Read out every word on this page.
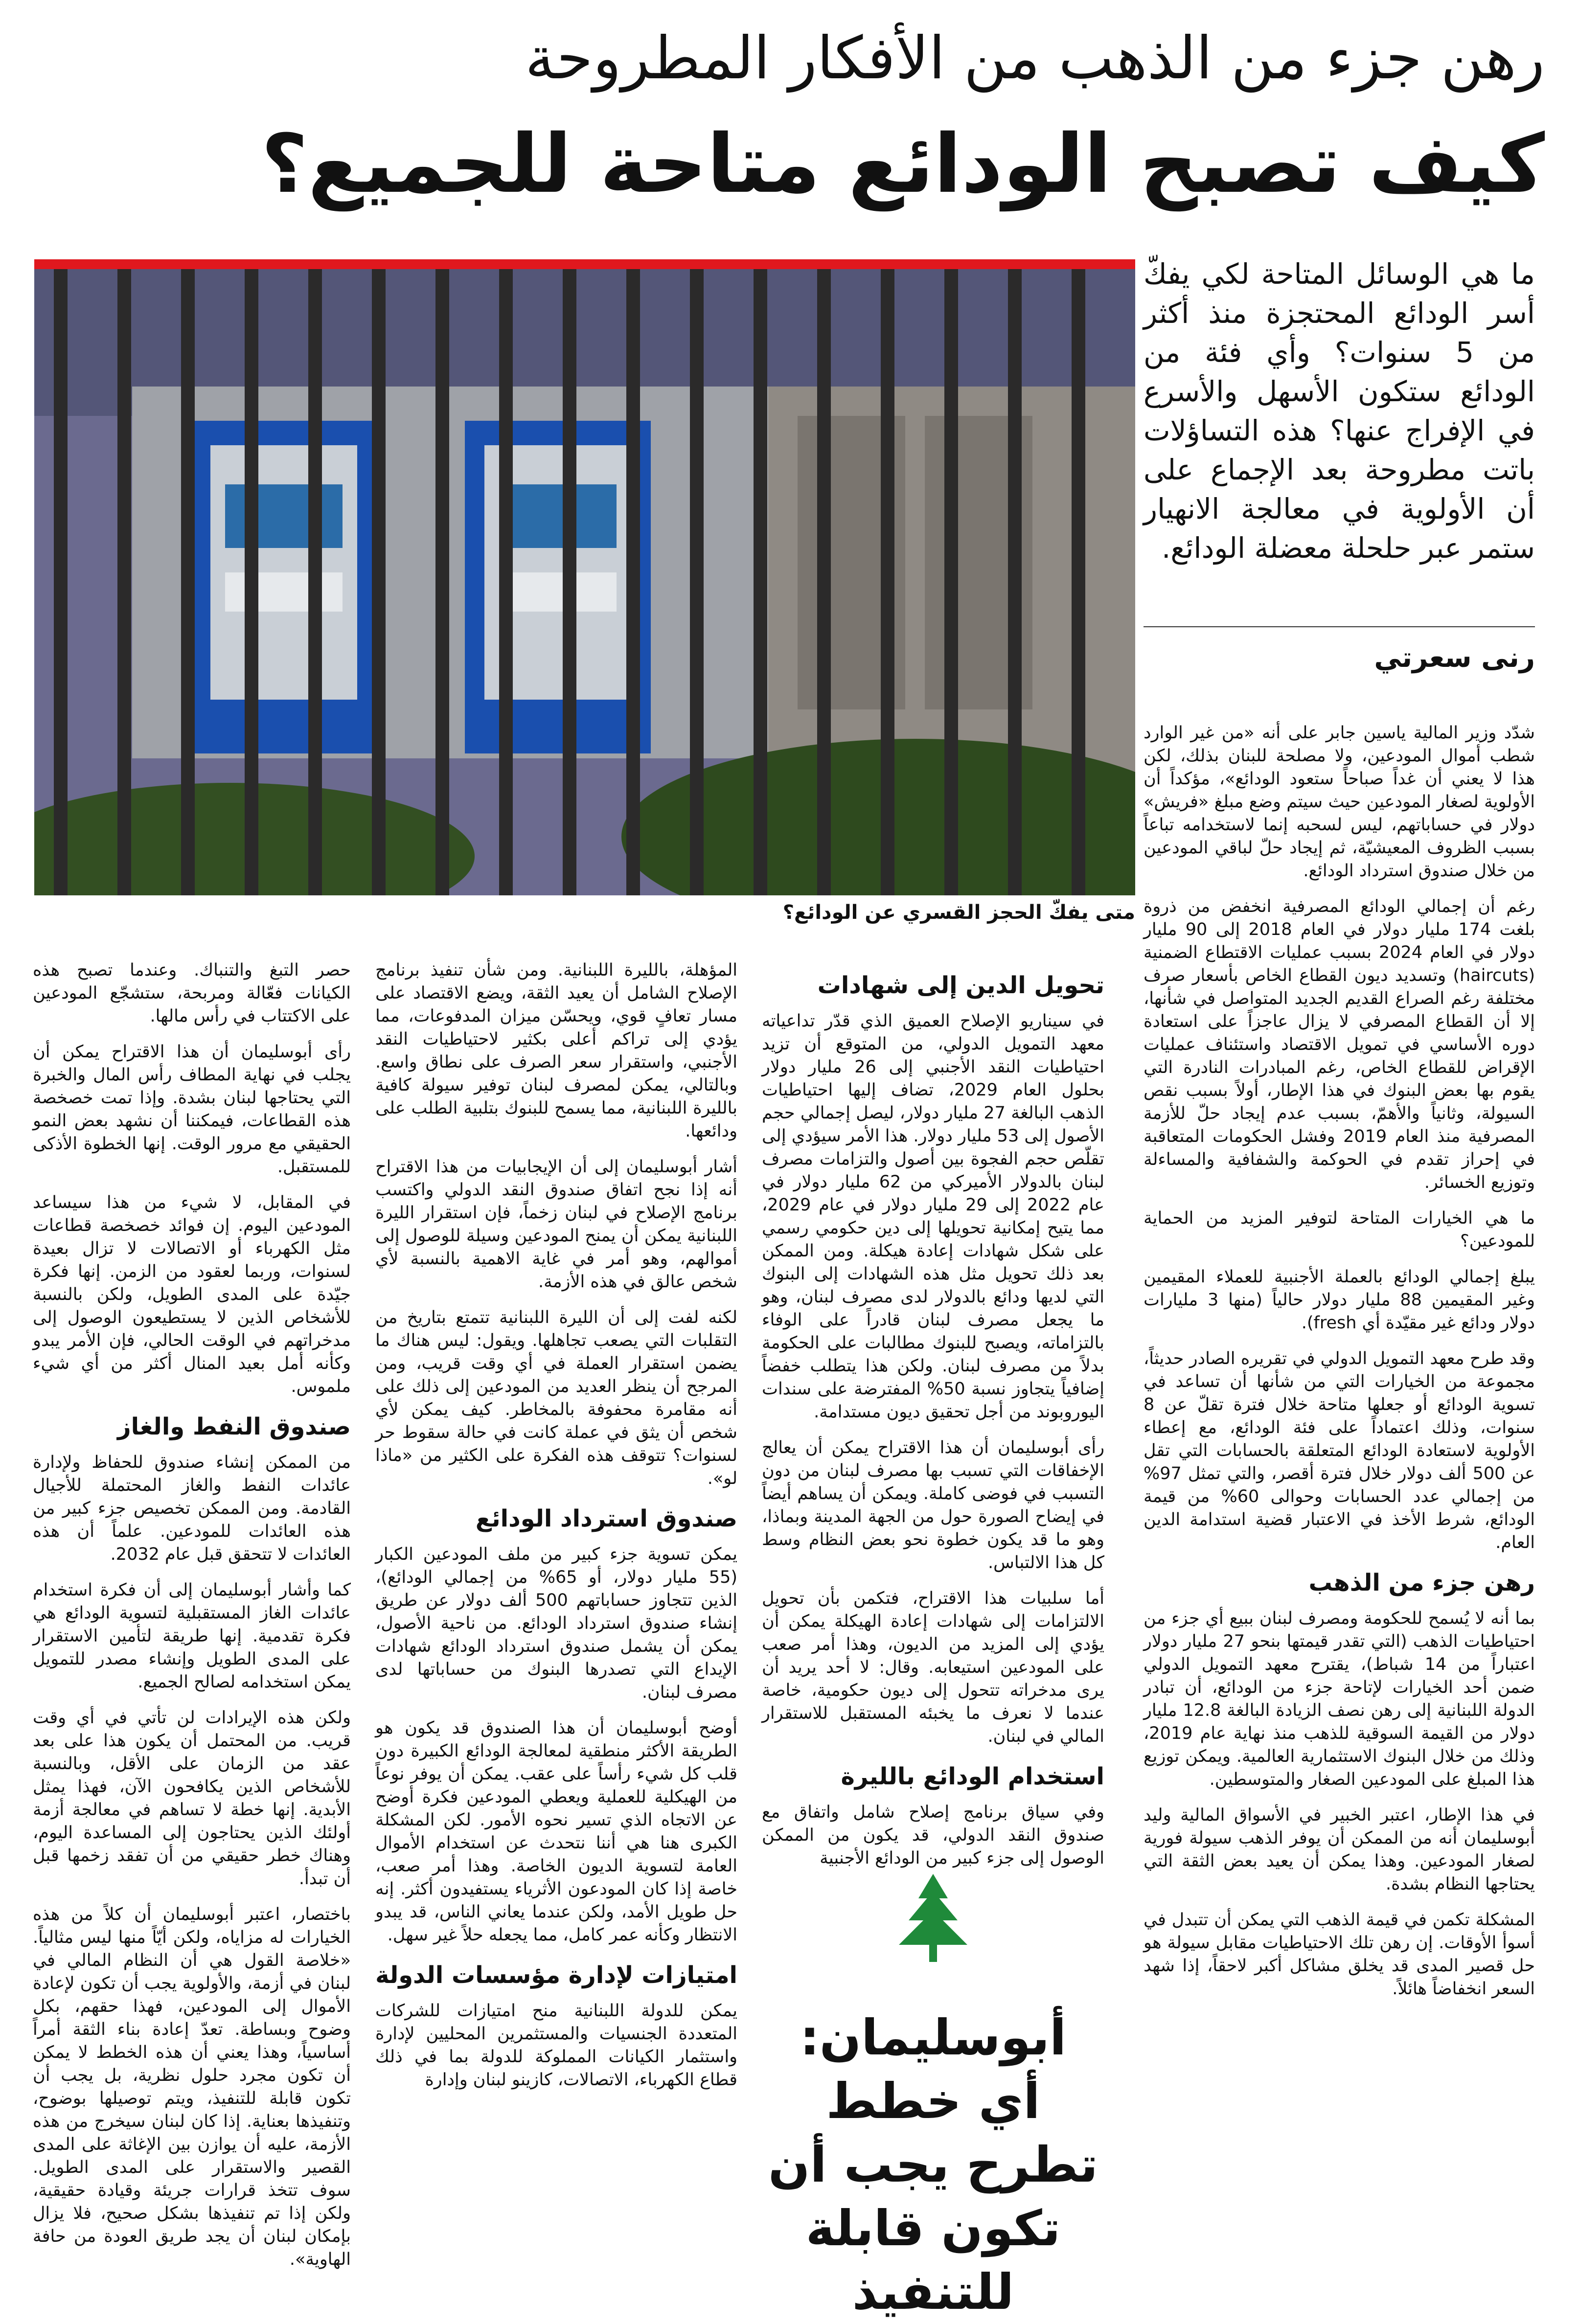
رهن جزء من الذهب من الأفكار المطروحة
كيف تصبح الودائع متاحة للجميع؟
متى يفكّ الحجز القسري عن الودائع؟
ما هي الوسائل المتاحة لكي يفكّ أسر الودائع المحتجزة منذ أكثر من 5 سنوات؟ وأي فئة من الودائع ستكون الأسهل والأسرع في الإفراج عنها؟ هذه التساؤلات باتت مطروحة بعد الإجماع على أن الأولوية في معالجة الانهيار ستمر عبر حلحلة معضلة الودائع.
رنى سعرتي

شدّد وزير المالية ياسين جابر على أنه «من غير الوارد شطب أموال المودعين، ولا مصلحة للبنان بذلك، لكن هذا لا يعني أن غداً صباحاً ستعود الودائع»، مؤكداً أن الأولوية لصغار المودعين حيث سيتم وضع مبلغ «فريش» دولار في حساباتهم، ليس لسحبه إنما لاستخدامه تباعاً بسبب الظروف المعيشيّة، ثم إيجاد حلّ لباقي المودعين من خلال صندوق استرداد الودائع.

رغم أن إجمالي الودائع المصرفية انخفض من ذروة بلغت 174 مليار دولار في العام 2018 إلى 90 مليار دولار في العام 2024 بسبب عمليات الاقتطاع الضمنية (haircuts) وتسديد ديون القطاع الخاص بأسعار صرف مختلفة رغم الصراع القديم الجديد المتواصل في شأنها، إلا أن القطاع المصرفي لا يزال عاجزاً على استعادة دوره الأساسي في تمويل الاقتصاد واستئناف عمليات الإقراض للقطاع الخاص، رغم المبادرات النادرة التي يقوم بها بعض البنوك في هذا الإطار، أولاً بسبب نقص السيولة، وثانياً والأهمّ، بسبب عدم إيجاد حلّ للأزمة المصرفية منذ العام 2019 وفشل الحكومات المتعاقبة في إحراز تقدم في الحوكمة والشفافية والمساءلة وتوزيع الخسائر.

ما هي الخيارات المتاحة لتوفير المزيد من الحماية للمودعين؟

يبلغ إجمالي الودائع بالعملة الأجنبية للعملاء المقيمين وغير المقيمين 88 مليار دولار حالياً (منها 3 مليارات دولار ودائع غير مقيّدة أي fresh).

وقد طرح معهد التمويل الدولي في تقريره الصادر حديثاً، مجموعة من الخيارات التي من شأنها أن تساعد في تسوية الودائع أو جعلها متاحة خلال فترة تقلّ عن 8 سنوات، وذلك اعتماداً على فئة الودائع، مع إعطاء الأولوية لاستعادة الودائع المتعلقة بالحسابات التي تقل عن 500 ألف دولار خلال فترة أقصر، والتي تمثل 97% من إجمالي عدد الحسابات وحوالى 60% من قيمة الودائع، شرط الأخذ في الاعتبار قضية استدامة الدين العام.

رهن جزء من الذهب

بما أنه لا يُسمح للحكومة ومصرف لبنان ببيع أي جزء من احتياطيات الذهب (التي تقدر قيمتها بنحو 27 مليار دولار اعتباراً من 14 شباط)، يقترح معهد التمويل الدولي ضمن أحد الخيارات لإتاحة جزء من الودائع، أن تبادر الدولة اللبنانية إلى رهن نصف الزيادة البالغة 12.8 مليار دولار من القيمة السوقية للذهب منذ نهاية عام 2019، وذلك من خلال البنوك الاستثمارية العالمية. ويمكن توزيع هذا المبلغ على المودعين الصغار والمتوسطين.

في هذا الإطار، اعتبر الخبير في الأسواق المالية وليد أبوسليمان أنه من الممكن أن يوفر الذهب سيولة فورية لصغار المودعين. وهذا يمكن أن يعيد بعض الثقة التي يحتاجها النظام بشدة.

المشكلة تكمن في قيمة الذهب التي يمكن أن تتبدل في أسوأ الأوقات. إن رهن تلك الاحتياطيات مقابل سيولة هو حل قصير المدى قد يخلق مشاكل أكبر لاحقاً، إذا شهد السعر انخفاضاً هائلاً.

تحويل الدين إلى شهادات

في سيناريو الإصلاح العميق الذي قدّر تداعياته معهد التمويل الدولي، من المتوقع أن تزيد احتياطيات النقد الأجنبي إلى 26 مليار دولار بحلول العام 2029، تضاف إليها احتياطيات الذهب البالغة 27 مليار دولار، ليصل إجمالي حجم الأصول إلى 53 مليار دولار. هذا الأمر سيؤدي إلى تقلّص حجم الفجوة بين أصول والتزامات مصرف لبنان بالدولار الأميركي من 62 مليار دولار في عام 2022 إلى 29 مليار دولار في عام 2029، مما يتيح إمكانية تحويلها إلى دين حكومي رسمي على شكل شهادات إعادة هيكلة. ومن الممكن بعد ذلك تحويل مثل هذه الشهادات إلى البنوك التي لديها ودائع بالدولار لدى مصرف لبنان، وهو ما يجعل مصرف لبنان قادراً على الوفاء بالتزاماته، ويصبح للبنوك مطالبات على الحكومة بدلاً من مصرف لبنان. ولكن هذا يتطلب خفضاً إضافياً يتجاوز نسبة 50% المفترضة على سندات اليوروبوند من أجل تحقيق ديون مستدامة.

رأى أبوسليمان أن هذا الاقتراح يمكن أن يعالج الإخفاقات التي تسبب بها مصرف لبنان من دون التسبب في فوضى كاملة. ويمكن أن يساهم أيضاً في إيضاح الصورة حول من الجهة المدينة وبماذا، وهو ما قد يكون خطوة نحو بعض النظام وسط كل هذا الالتباس.

أما سلبيات هذا الاقتراح، فتكمن بأن تحويل الالتزامات إلى شهادات إعادة الهيكلة يمكن أن يؤدي إلى المزيد من الديون، وهذا أمر صعب على المودعين استيعابه. وقال: لا أحد يريد أن يرى مدخراته تتحول إلى ديون حكومية، خاصة عندما لا نعرف ما يخبئه المستقبل للاستقرار المالي في لبنان.

استخدام الودائع بالليرة

وفي سياق برنامج إصلاح شامل واتفاق مع صندوق النقد الدولي، قد يكون من الممكن الوصول إلى جزء كبير من الودائع الأجنبية

أبوسليمان: أي خطط تطرح يجب أن تكون قابلة للتنفيذ

المؤهلة، بالليرة اللبنانية. ومن شأن تنفيذ برنامج الإصلاح الشامل أن يعيد الثقة، ويضع الاقتصاد على مسار تعافٍ قوي، ويحسّن ميزان المدفوعات، مما يؤدي إلى تراكم أعلى بكثير لاحتياطيات النقد الأجنبي، واستقرار سعر الصرف على نطاق واسع. وبالتالي، يمكن لمصرف لبنان توفير سيولة كافية بالليرة اللبنانية، مما يسمح للبنوك بتلبية الطلب على ودائعها.

أشار أبوسليمان إلى أن الإيجابيات من هذا الاقتراح أنه إذا نجح اتفاق صندوق النقد الدولي واكتسب برنامج الإصلاح في لبنان زخماً، فإن استقرار الليرة اللبنانية يمكن أن يمنح المودعين وسيلة للوصول إلى أموالهم، وهو أمر في غاية الاهمية بالنسبة لأي شخص عالق في هذه الأزمة.

لكنه لفت إلى أن الليرة اللبنانية تتمتع بتاريخ من التقلبات التي يصعب تجاهلها. ويقول: ليس هناك ما يضمن استقرار العملة في أي وقت قريب، ومن المرجح أن ينظر العديد من المودعين إلى ذلك على أنه مقامرة محفوفة بالمخاطر. كيف يمكن لأي شخص أن يثق في عملة كانت في حالة سقوط حر لسنوات؟ تتوقف هذه الفكرة على الكثير من «ماذا لو».

صندوق استرداد الودائع

يمكن تسوية جزء كبير من ملف المودعين الكبار (55 مليار دولار، أو 65% من إجمالي الودائع)، الذين تتجاوز حساباتهم 500 ألف دولار عن طريق إنشاء صندوق استرداد الودائع. من ناحية الأصول، يمكن أن يشمل صندوق استرداد الودائع شهادات الإيداع التي تصدرها البنوك من حساباتها لدى مصرف لبنان.

أوضح أبوسليمان أن هذا الصندوق قد يكون هو الطريقة الأكثر منطقية لمعالجة الودائع الكبيرة دون قلب كل شيء رأساً على عقب. يمكن أن يوفر نوعاً من الهيكلية للعملية ويعطي المودعين فكرة أوضح عن الاتجاه الذي تسير نحوه الأمور. لكن المشكلة الكبرى هنا هي أننا نتحدث عن استخدام الأموال العامة لتسوية الديون الخاصة. وهذا أمر صعب، خاصة إذا كان المودعون الأثرياء يستفيدون أكثر. إنه حل طويل الأمد، ولكن عندما يعاني الناس، قد يبدو الانتظار وكأنه عمر كامل، مما يجعله حلاً غير سهل.

امتيازات لإدارة مؤسسات الدولة

يمكن للدولة اللبنانية منح امتيازات للشركات المتعددة الجنسيات والمستثمرين المحليين لإدارة واستثمار الكيانات المملوكة للدولة بما في ذلك قطاع الكهرباء، الاتصالات، كازينو لبنان وإدارة

حصر التبغ والتنباك. وعندما تصبح هذه الكيانات فعّالة ومربحة، ستشجّع المودعين على الاكتتاب في رأس مالها.

رأى أبوسليمان أن هذا الاقتراح يمكن أن يجلب في نهاية المطاف رأس المال والخبرة التي يحتاجها لبنان بشدة. وإذا تمت خصخصة هذه القطاعات، فيمكننا أن نشهد بعض النمو الحقيقي مع مرور الوقت. إنها الخطوة الأذكى للمستقبل.

في المقابل، لا شيء من هذا سيساعد المودعين اليوم. إن فوائد خصخصة قطاعات مثل الكهرباء أو الاتصالات لا تزال بعيدة لسنوات، وربما لعقود من الزمن. إنها فكرة جيّدة على المدى الطويل، ولكن بالنسبة للأشخاص الذين لا يستطيعون الوصول إلى مدخراتهم في الوقت الحالي، فإن الأمر يبدو وكأنه أمل بعيد المنال أكثر من أي شيء ملموس.

صندوق النفط والغاز

من الممكن إنشاء صندوق للحفاظ ولإدارة عائدات النفط والغاز المحتملة للأجيال القادمة. ومن الممكن تخصيص جزء كبير من هذه العائدات للمودعين. علماً أن هذه العائدات لا تتحقق قبل عام 2032.

كما وأشار أبوسليمان إلى أن فكرة استخدام عائدات الغاز المستقبلية لتسوية الودائع هي فكرة تقدمية. إنها طريقة لتأمين الاستقرار على المدى الطويل وإنشاء مصدر للتمويل يمكن استخدامه لصالح الجميع.

ولكن هذه الإيرادات لن تأتي في أي وقت قريب. من المحتمل أن يكون هذا على بعد عقد من الزمان على الأقل، وبالنسبة للأشخاص الذين يكافحون الآن، فهذا يمثل الأبدية. إنها خطة لا تساهم في معالجة أزمة أولئك الذين يحتاجون إلى المساعدة اليوم، وهناك خطر حقيقي من أن تفقد زخمها قبل أن تبدأ.

باختصار، اعتبر أبوسليمان أن كلاً من هذه الخيارات له مزاياه، ولكن أيّاً منها ليس مثالياً. «خلاصة القول هي أن النظام المالي في لبنان في أزمة، والأولوية يجب أن تكون لإعادة الأموال إلى المودعين، فهذا حقهم، بكل وضوح وبساطة. تعدّ إعادة بناء الثقة أمراً أساسياً، وهذا يعني أن هذه الخطط لا يمكن أن تكون مجرد حلول نظرية، بل يجب أن تكون قابلة للتنفيذ، ويتم توصيلها بوضوح، وتنفيذها بعناية. إذا كان لبنان سيخرج من هذه الأزمة، عليه أن يوازن بين الإغاثة على المدى القصير والاستقرار على المدى الطويل. سوف تتخذ قرارات جريئة وقيادة حقيقية، ولكن إذا تم تنفيذها بشكل صحيح، فلا يزال بإمكان لبنان أن يجد طريق العودة من حافة الهاوية».
